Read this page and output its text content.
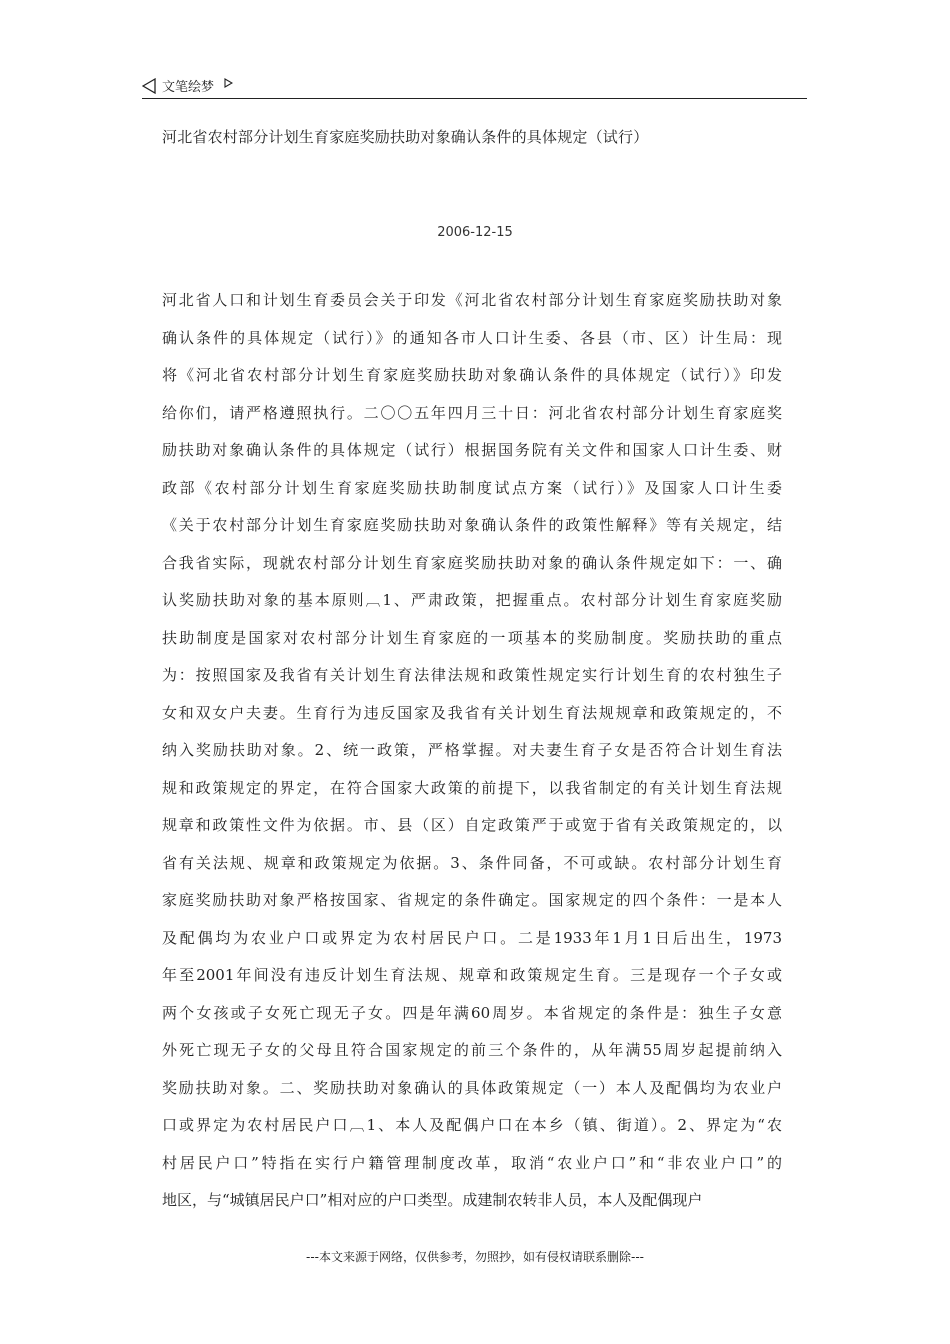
文笔绘梦
河北省农村部分计划生育家庭奖励扶助对象确认条件的具体规定（试行）
2006-12-15
河北省人口和计划生育委员会关于印发《河北省农村部分计划生育家庭奖励扶助对象
确认条件的具体规定（试行）》的通知各市人口计生委、各县（市、区）计生局：现
将《河北省农村部分计划生育家庭奖励扶助对象确认条件的具体规定（试行）》印发
给你们，请严格遵照执行。二〇〇五年四月三十日：河北省农村部分计划生育家庭奖
励扶助对象确认条件的具体规定（试行）根据国务院有关文件和国家人口计生委、财
政部《农村部分计划生育家庭奖励扶助制度试点方案（试行）》及国家人口计生委
《关于农村部分计划生育家庭奖励扶助对象确认条件的政策性解释》等有关规定，结
合我省实际，现就农村部分计划生育家庭奖励扶助对象的确认条件规定如下：一、确
认奖励扶助对象的基本原则︹1、严肃政策，把握重点。农村部分计划生育家庭奖励
扶助制度是国家对农村部分计划生育家庭的一项基本的奖励制度。奖励扶助的重点
为：按照国家及我省有关计划生育法律法规和政策性规定实行计划生育的农村独生子
女和双女户夫妻。生育行为违反国家及我省有关计划生育法规规章和政策规定的，不
纳入奖励扶助对象。2、统一政策，严格掌握。对夫妻生育子女是否符合计划生育法
规和政策规定的界定，在符合国家大政策的前提下，以我省制定的有关计划生育法规
规章和政策性文件为依据。市、县（区）自定政策严于或宽于省有关政策规定的，以
省有关法规、规章和政策规定为依据。3、条件同备，不可或缺。农村部分计划生育
家庭奖励扶助对象严格按国家、省规定的条件确定。国家规定的四个条件：一是本人
及配偶均为农业户口或界定为农村居民户口。二是1933年1月1日后出生，1973
年至2001年间没有违反计划生育法规、规章和政策规定生育。三是现存一个子女或
两个女孩或子女死亡现无子女。四是年满60周岁。本省规定的条件是：独生子女意
外死亡现无子女的父母且符合国家规定的前三个条件的，从年满55周岁起提前纳入
奖励扶助对象。二、奖励扶助对象确认的具体政策规定（一）本人及配偶均为农业户
口或界定为农村居民户口︹1、本人及配偶户口在本乡（镇、街道）。2、界定为“农
村居民户口”特指在实行户籍管理制度改革，取消“农业户口”和“非农业户口”的
地区，与“城镇居民户口”相对应的户口类型。成建制农转非人员，本人及配偶现户
---本文来源于网络，仅供参考，勿照抄，如有侵权请联系删除---
